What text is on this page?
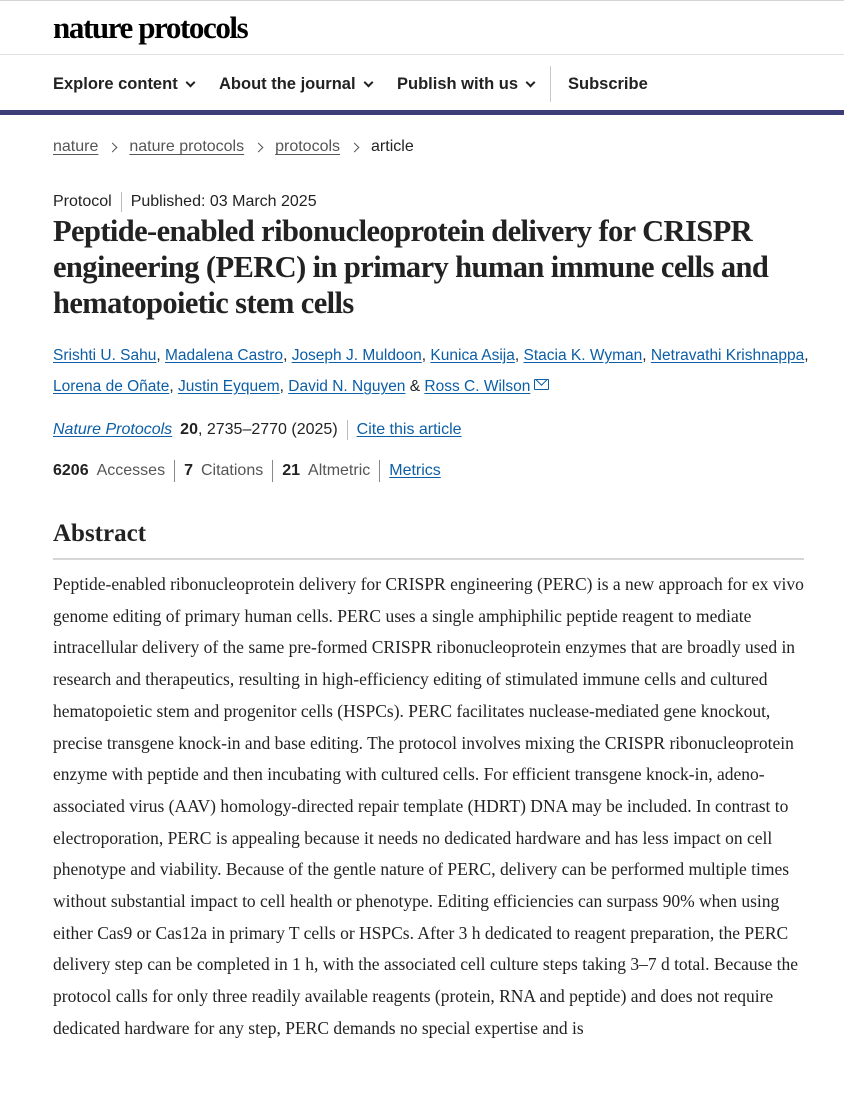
nature protocols
Explore content	About the journal	Publish with us	Subscribe
nature nature protocols protocols article
Protocol Published: 03 March 2025
Peptide-enabled ribonucleoprotein delivery for CRISPR engineering (PERC) in primary human immune cells and hematopoietic stem cells
Srishti U. Sahu, Madalena Castro, Joseph J. Muldoon, Kunica Asija, Stacia K. Wyman, Netravathi Krishnappa, Lorena de Oñate, Justin Eyquem, David N. Nguyen & Ross C. Wilson
Nature Protocols 20 , 2735–2770 (2025) Cite this article
6206 Accesses 7 Citations 21 Altmetric Metrics
Abstract

Peptide-enabled ribonucleoprotein delivery for CRISPR engineering (PERC) is a new approach for ex vivo genome editing of primary human cells. PERC uses a single amphiphilic peptide reagent to mediate intracellular delivery of the same pre-formed CRISPR ribonucleoprotein enzymes that are broadly used in research and therapeutics, resulting in high-efficiency editing of stimulated immune cells and cultured hematopoietic stem and progenitor cells (HSPCs). PERC facilitates nuclease-mediated gene knockout, precise transgene knock-in and base editing. The protocol involves mixing the CRISPR ribonucleoprotein enzyme with peptide and then incubating with cultured cells. For efficient transgene knock-in, adeno-associated virus (AAV) homology-directed repair template (HDRT) DNA may be included. In contrast to electroporation, PERC is appealing because it needs no dedicated hardware and has less impact on cell phenotype and viability. Because of the gentle nature of PERC, delivery can be performed multiple times without substantial impact to cell health or phenotype. Editing efficiencies can surpass 90% when using either Cas9 or Cas12a in primary T cells or HSPCs. After 3 h dedicated to reagent preparation, the PERC delivery step can be completed in 1 h, with the associated cell culture steps taking 3–7 d total. Because the protocol calls for only three readily available reagents (protein, RNA and peptide) and does not require dedicated hardware for any step, PERC demands no special expertise and is
